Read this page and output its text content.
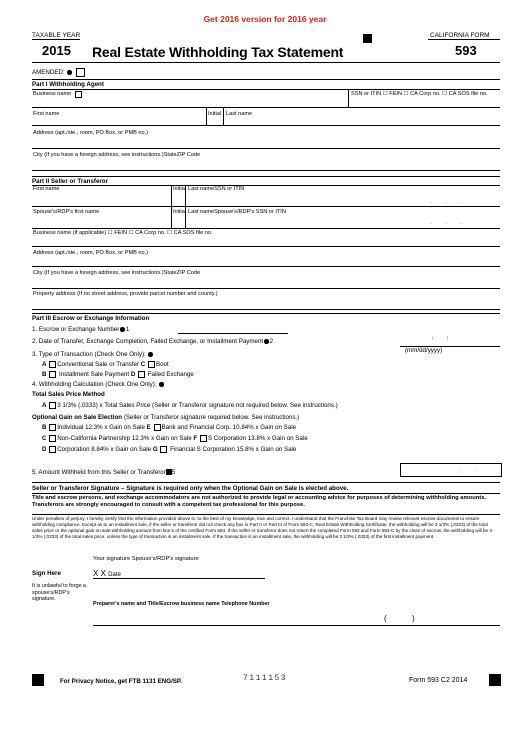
Get 2016 version for 2016 year
TAXABLE YEAR
2015 Real Estate Withholding Tax Statement
CALIFORNIA FORM
593
AMENDED:
Part I Withholding Agent
Business name	SSN or ITIN ☐ FEIN ☐ CA Corp no. ☐ CA SOS file no.
First name	Initial Last name
Address (apt./ste., room, PO Box, or PMB no.)
City (If you have a foreign address, see instructions.)StateZIP Code
Part II Seller or Transferor
First name	Initial Last nameSSN or ITIN
- - -
Spouse's/RDP's first name	Initial Last nameSpouse's/RDP's SSN or ITIN
- - -
Business name (if applicable) ☐ FEIN ☐ CA Corp no. ☐ CA SOS file no.
Address (apt./ste., room, PO Box, or PMB no.)
City (If you have a foreign address, see instructions.)StateZIP Code
Property address (If no street address, provide parcel number and county.)
Part III Escrow or Exchange Information
1. Escrow or Exchange Number 1
2. Date of Transfer, Exchange Completion, Failed Exchange, or Installment Payment 2	/ /
(mm/dd/yyyy)
3. Type of Transaction (Check One Only):
A Conventional Sale or Transfer C Boot
B Installment Sale Payment D Failed Exchange
4. Withholding Calculation (Check One Only):
Total Sales Price Method
A 3 1/3% (.0333) x Total Sales Price (Seller or Transferor signature not required below. See instructions.)
Optional Gain on Sale Election (Seller or Transferor signature required below. See instructions.)
B Individual 12.3% x Gain on Sale E Bank and Financial Corp. 10.84% x Gain on Sale
C Non-California Partnership 12.3% x Gain on Sale F S Corporation 13.8% x Gain on Sale
D Corporation 8.84% x Gain on Sale G Financial S Corporation 15.8% x Gain on Sale
5. Amount Withheld from this Seller or Transferor 5	, .
Seller or Transferor Signature – Signature is required only when the Optional Gain on Sale is elected above.
Title and escrow persons, and exchange accommodators are not authorized to provide legal or accounting advice for purposes of determining withholding amounts. Transferors are strongly encouraged to consult with a competent tax professional for this purpose.
Under penalties of perjury, I hereby certify that the information provided above is, to the best of my knowledge, true and correct. I understand that the Franchise Tax Board may review relevant escrow documents to ensure withholding compliance. Except as to an installment sale, if the seller or transferor did not check any box in Part II or Part III of Form 593-C, Real Estate Withholding Certificate, the withholding will be 3 1/3% (.0333) of the total sales price or the optional gain on sale withholding amount from line 5 of the certified Form 593. If the seller or transferor does not return the completed Form 593 and Form 593-C by the close of escrow, the withholding will be 3 1/3% (.0333) of the total sales price, unless the type of transaction is an installment sale. If the transaction is an installment sale, the withholding will be 3 1/3% (.0333) of the first installment payment.
Your signature Spouse's/RDP's signature
Sign Here	X X Date
It is unlawful to forge a spouse's/RDP's signature.
Preparer's name and Title/Escrow business name Telephone Number
(	)
For Privacy Notice, get FTB 1131 ENG/SP.	7111153	Form 593 C2 2014
